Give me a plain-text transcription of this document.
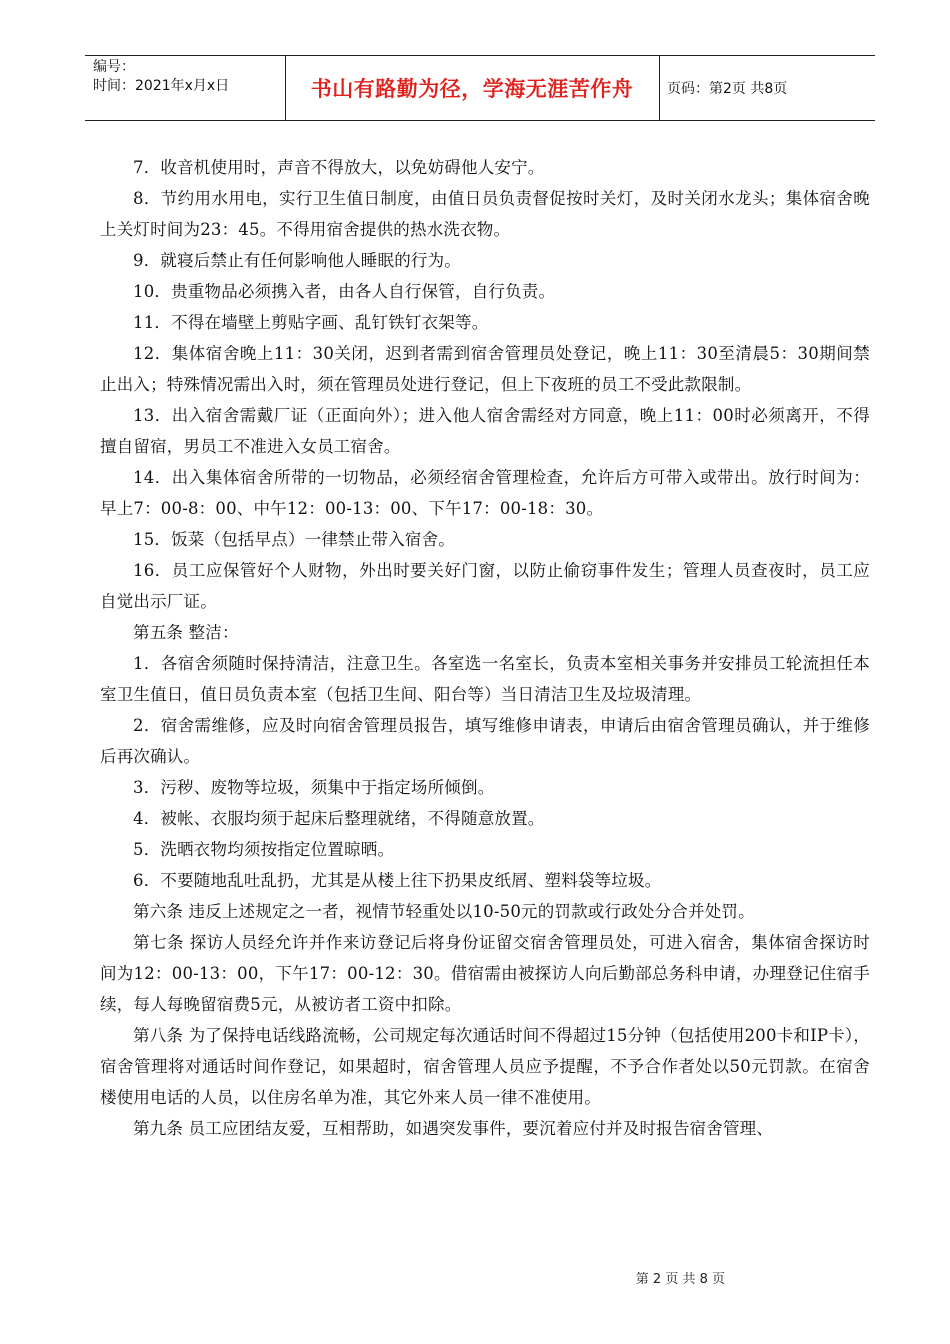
编号：
时间：2021年x月x日	书山有路勤为径，学海无涯苦作舟	页码：第2页 共8页

7．收音机使用时，声音不得放大，以免妨碍他人安宁。

8．节约用水用电，实行卫生值日制度，由值日员负责督促按时关灯，及时关闭水龙头；集体宿舍晚上关灯时间为23：45。不得用宿舍提供的热水洗衣物。

9．就寝后禁止有任何影响他人睡眠的行为。

10．贵重物品必须携入者，由各人自行保管，自行负责。

11．不得在墙壁上剪贴字画、乱钉铁钉衣架等。

12．集体宿舍晚上11：30关闭，迟到者需到宿舍管理员处登记，晚上11：30至清晨5：30期间禁止出入；特殊情况需出入时，须在管理员处进行登记，但上下夜班的员工不受此款限制。

13．出入宿舍需戴厂证（正面向外）；进入他人宿舍需经对方同意，晚上11：00时必须离开，不得擅自留宿，男员工不准进入女员工宿舍。

14．出入集体宿舍所带的一切物品，必须经宿舍管理检查，允许后方可带入或带出。放行时间为：早上7：00-8：00、中午12：00-13：00、下午17：00-18：30。

15．饭菜（包括早点）一律禁止带入宿舍。

16．员工应保管好个人财物，外出时要关好门窗，以防止偷窃事件发生；管理人员查夜时，员工应自觉出示厂证。

第五条 整洁：

1．各宿舍须随时保持清洁，注意卫生。各室选一名室长，负责本室相关事务并安排员工轮流担任本室卫生值日，值日员负责本室（包括卫生间、阳台等）当日清洁卫生及垃圾清理。

2．宿舍需维修，应及时向宿舍管理员报告，填写维修申请表，申请后由宿舍管理员确认，并于维修后再次确认。

3．污秽、废物等垃圾，须集中于指定场所倾倒。

4．被帐、衣服均须于起床后整理就绪，不得随意放置。

5．洗晒衣物均须按指定位置晾晒。

6．不要随地乱吐乱扔，尤其是从楼上往下扔果皮纸屑、塑料袋等垃圾。

第六条 违反上述规定之一者，视情节轻重处以10-50元的罚款或行政处分合并处罚。

第七条 探访人员经允许并作来访登记后将身份证留交宿舍管理员处，可进入宿舍，集体宿舍探访时间为12：00-13：00，下午17：00-12：30。借宿需由被探访人向后勤部总务科申请，办理登记住宿手续，每人每晚留宿费5元，从被访者工资中扣除。

第八条 为了保持电话线路流畅，公司规定每次通话时间不得超过15分钟（包括使用200卡和IP卡），宿舍管理将对通话时间作登记，如果超时，宿舍管理人员应予提醒，不予合作者处以50元罚款。在宿舍楼使用电话的人员，以住房名单为准，其它外来人员一律不准使用。

第九条 员工应团结友爱，互相帮助，如遇突发事件，要沉着应付并及时报告宿舍管理、

第 2 页 共 8 页
